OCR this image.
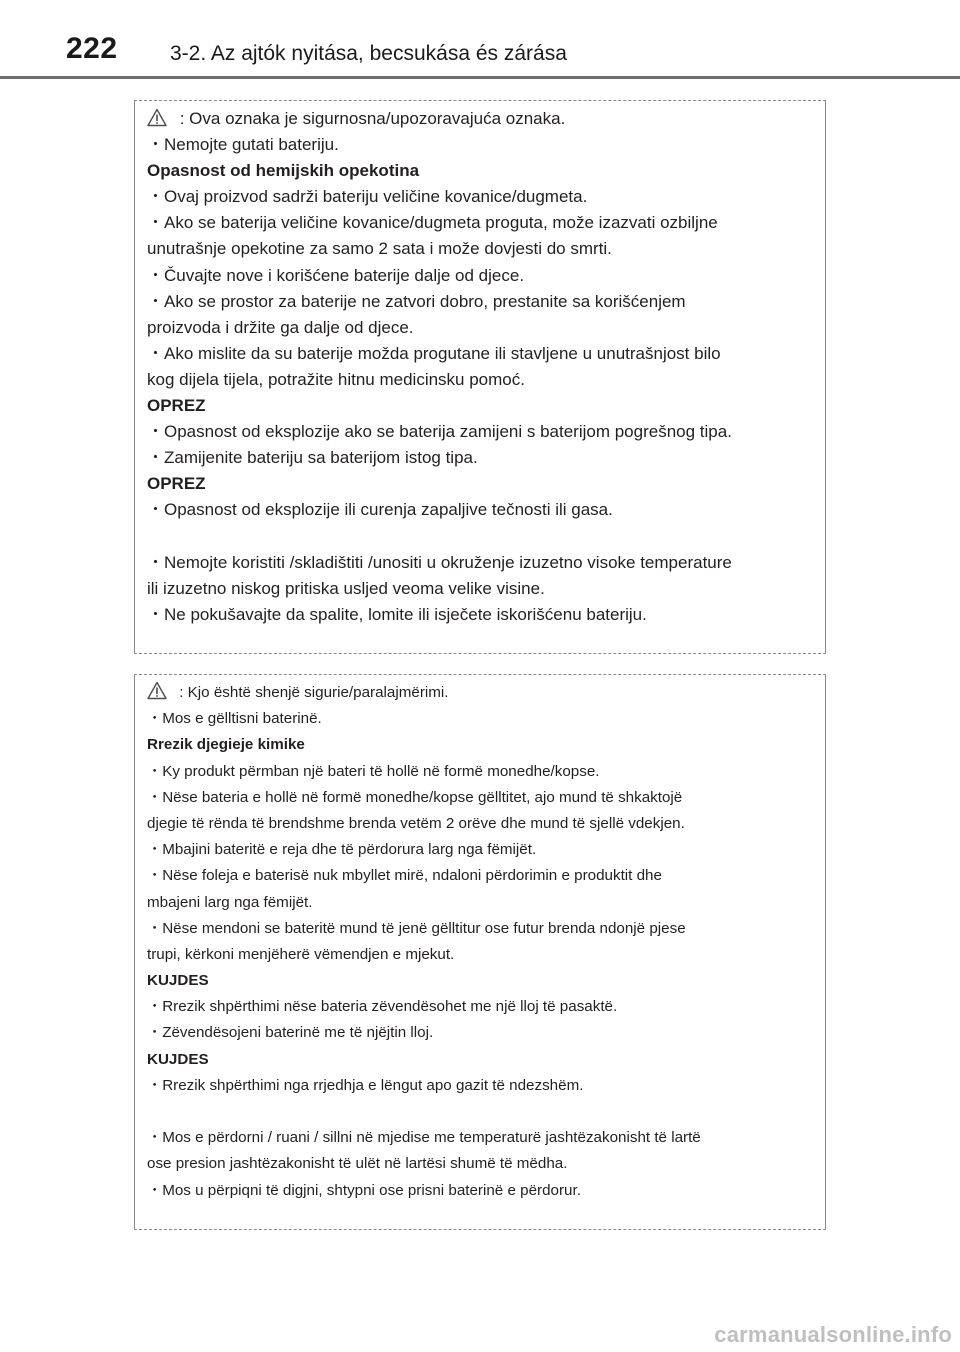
222 3-2. Az ajtók nyitása, becsukása és zárása
: Ova oznaka je sigurnosna/upozoravajuća oznaka.
・Nemojte gutati bateriju.
Opasnost od hemijskih opekotina
・Ovaj proizvod sadrži bateriju veličine kovanice/dugmeta.
・Ako se baterija veličine kovanice/dugmeta proguta, može izazvati ozbiljne
unutrašnje opekotine za samo 2 sata i može dovjesti do smrti.
・Čuvajte nove i korišćene baterije dalje od djece.
・Ako se prostor za baterije ne zatvori dobro, prestanite sa korišćenjem
proizvoda i držite ga dalje od djece.
・Ako mislite da su baterije možda progutane ili stavljene u unutrašnjost bilo
kog dijela tijela, potražite hitnu medicinsku pomoć.
OPREZ
・Opasnost od eksplozije ako se baterija zamijeni s baterijom pogrešnog tipa.
・Zamijenite bateriju sa baterijom istog tipa.
OPREZ
・Opasnost od eksplozije ili curenja zapaljive tečnosti ili gasa.
・Nemojte koristiti /skladištiti /unositi u okruženje izuzetno visoke temperature
ili izuzetno niskog pritiska usljed veoma velike visine.
・Ne pokušavajte da spalite, lomite ili isječete iskorišćenu bateriju.
: Kjo është shenjë sigurie/paralajmërimi.
・Mos e gëlltisni baterinë.
Rrezik djegieje kimike
・Ky produkt përmban një bateri të hollë në formë monedhe/kopse.
・Nëse bateria e hollë në formë monedhe/kopse gëlltitet, ajo mund të shkaktojë
djegie të rënda të brendshme brenda vetëm 2 orëve dhe mund të sjellë vdekjen.
・Mbajini bateritë e reja dhe të përdorura larg nga fëmijët.
・Nëse foleja e baterisë nuk mbyllet mirë, ndaloni përdorimin e produktit dhe
mbajeni larg nga fëmijët.
・Nëse mendoni se bateritë mund të jenë gëlltitur ose futur brenda ndonjë pjese
trupi, kërkoni menjëherë vëmendjen e mjekut.
KUJDES
・Rrezik shpërthimi nëse bateria zëvendësohet me një lloj të pasaktë.
・Zëvendësojeni baterinë me të njëjtin lloj.
KUJDES
・Rrezik shpërthimi nga rrjedhja e lëngut apo gazit të ndezshëm.
・Mos e përdorni / ruani / sillni në mjedise me temperaturë jashtëzakonisht të lartë
ose presion jashtëzakonisht të ulët në lartësi shumë të mëdha.
・Mos u përpiqni të digjni, shtypni ose prisni baterinë e përdorur.
carmanualsonline.info
